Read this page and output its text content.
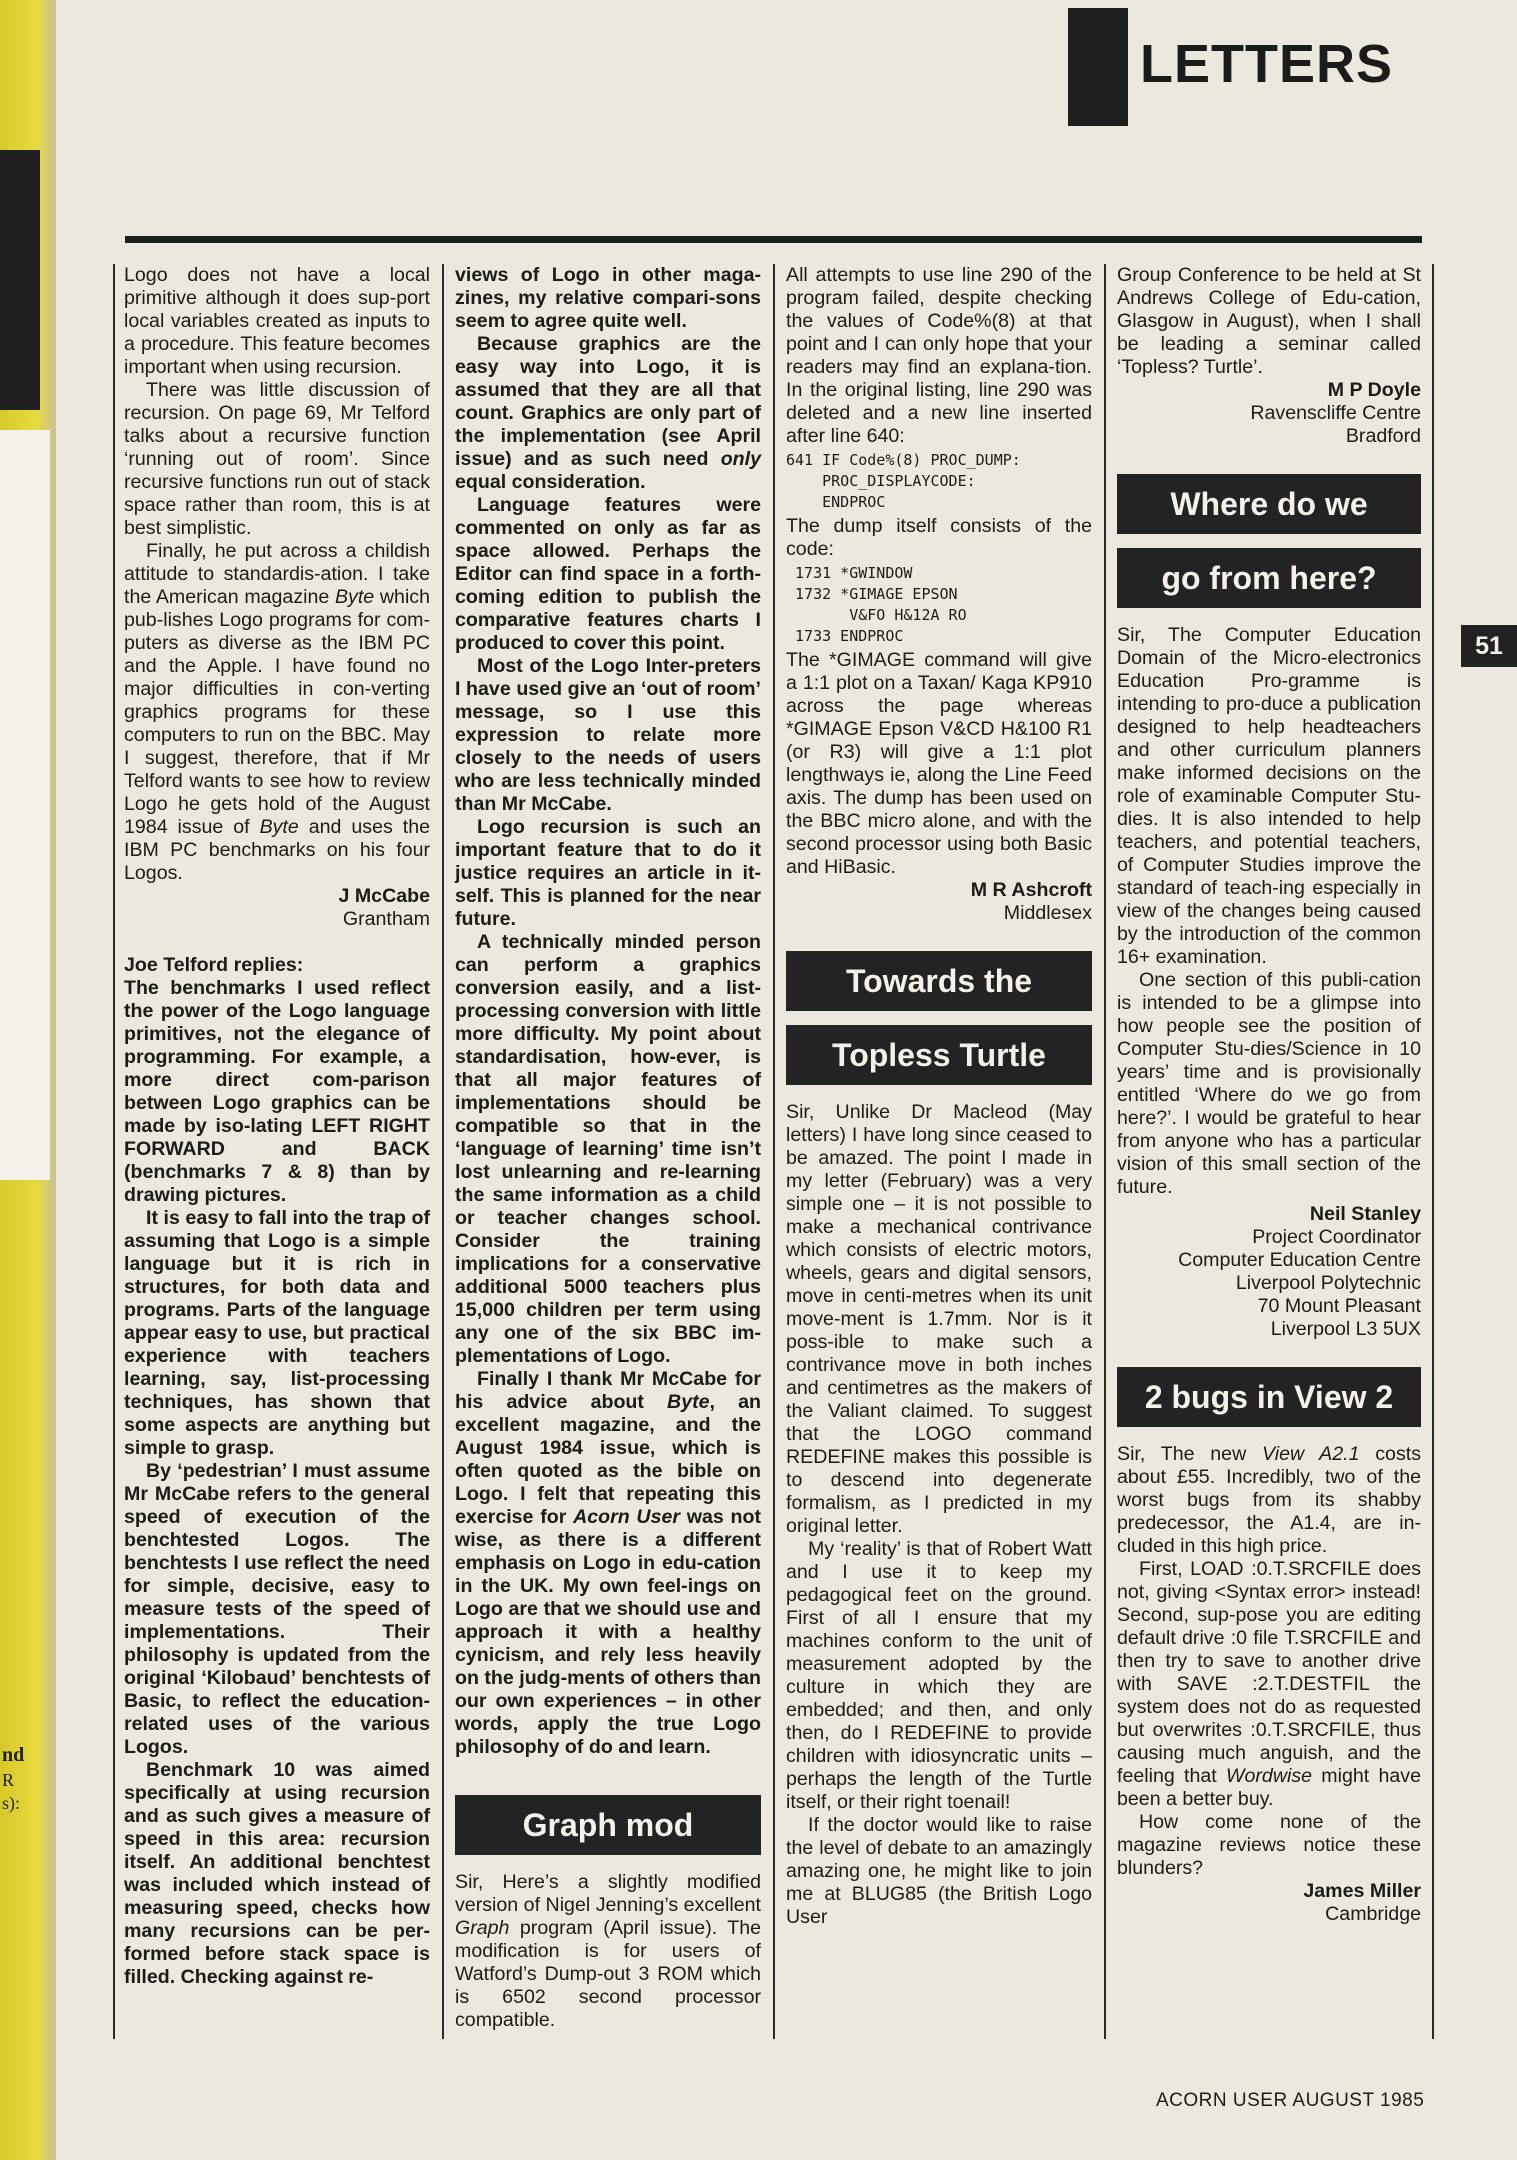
nd
R
s):
LETTERS

Logo does not have a local primitive although it does sup-port local variables created as inputs to a procedure. This feature becomes important when using recursion.

There was little discussion of recursion. On page 69, Mr Telford talks about a recursive function ‘running out of room’. Since recursive functions run out of stack space rather than room, this is at best simplistic.

Finally, he put across a childish attitude to standardis-ation. I take the American magazine Byte which pub-lishes Logo programs for com-puters as diverse as the IBM PC and the Apple. I have found no major difficulties in con-verting graphics programs for these computers to run on the BBC. May I suggest, therefore, that if Mr Telford wants to see how to review Logo he gets hold of the August 1984 issue of Byte and uses the IBM PC benchmarks on his four Logos.

J McCabe

Grantham

Joe Telford replies:

The benchmarks I used reflect the power of the Logo language primitives, not the elegance of programming. For example, a more direct com-parison between Logo graphics can be made by iso-lating LEFT RIGHT FORWARD and BACK (benchmarks 7 & 8) than by drawing pictures.

It is easy to fall into the trap of assuming that Logo is a simple language but it is rich in structures, for both data and programs. Parts of the language appear easy to use, but practical experience with teachers learning, say, list-processing techniques, has shown that some aspects are anything but simple to grasp.

By ‘pedestrian’ I must assume Mr McCabe refers to the general speed of execution of the benchtested Logos. The benchtests I use reflect the need for simple, decisive, easy to measure tests of the speed of implementations. Their philosophy is updated from the original ‘Kilobaud’ benchtests of Basic, to reflect the education-related uses of the various Logos.

Benchmark 10 was aimed specifically at using recursion and as such gives a measure of speed in this area: recursion itself. An additional benchtest was included which instead of measuring speed, checks how many recursions can be per-formed before stack space is filled. Checking against re-

views of Logo in other maga-zines, my relative compari-sons seem to agree quite well.

Because graphics are the easy way into Logo, it is assumed that they are all that count. Graphics are only part of the implementation (see April issue) and as such need only equal consideration.

Language features were commented on only as far as space allowed. Perhaps the Editor can find space in a forth-coming edition to publish the comparative features charts I produced to cover this point.

Most of the Logo Inter-preters I have used give an ‘out of room’ message, so I use this expression to relate more closely to the needs of users who are less technically minded than Mr McCabe.

Logo recursion is such an important feature that to do it justice requires an article in it-self. This is planned for the near future.

A technically minded person can perform a graphics conversion easily, and a list-processing conversion with little more difficulty. My point about standardisation, how-ever, is that all major features of implementations should be compatible so that in the ‘language of learning’ time isn’t lost unlearning and re-learning the same information as a child or teacher changes school. Consider the training implications for a conservative additional 5000 teachers plus 15,000 children per term using any one of the six BBC im-plementations of Logo.

Finally I thank Mr McCabe for his advice about Byte, an excellent magazine, and the August 1984 issue, which is often quoted as the bible on Logo. I felt that repeating this exercise for Acorn User was not wise, as there is a different emphasis on Logo in edu-cation in the UK. My own feel-ings on Logo are that we should use and approach it with a healthy cynicism, and rely less heavily on the judg-ments of others than our own experiences – in other words, apply the true Logo philosophy of do and learn.

Graph mod

Sir, Here’s a slightly modified version of Nigel Jenning’s excellent Graph program (April issue). The modification is for users of Watford’s Dump-out 3 ROM which is 6502 second processor compatible.

All attempts to use line 290 of the program failed, despite checking the values of Code%(8) at that point and I can only hope that your readers may find an explana-tion. In the original listing, line 290 was deleted and a new line inserted after line 640:

641 IF Code%(8) PROC_DUMP:
PROC_DISPLAYCODE:
ENDPROC

The dump itself consists of the code:

1731 *GWINDOW
1732 *GIMAGE EPSON
V&FO H&12A RO
1733 ENDPROC

The *GIMAGE command will give a 1:1 plot on a Taxan/ Kaga KP910 across the page whereas *GIMAGE Epson V&CD H&100 R1 (or R3) will give a 1:1 plot lengthways ie, along the Line Feed axis. The dump has been used on the BBC micro alone, and with the second processor using both Basic and HiBasic.

M R Ashcroft

Middlesex

Towards the
Topless Turtle

Sir, Unlike Dr Macleod (May letters) I have long since ceased to be amazed. The point I made in my letter (February) was a very simple one – it is not possible to make a mechanical contrivance which consists of electric motors, wheels, gears and digital sensors, move in centi-metres when its unit move-ment is 1.7mm. Nor is it poss-ible to make such a contrivance move in both inches and centimetres as the makers of the Valiant claimed. To suggest that the LOGO command REDEFINE makes this possible is to descend into degenerate formalism, as I predicted in my original letter.

My ‘reality’ is that of Robert Watt and I use it to keep my pedagogical feet on the ground. First of all I ensure that my machines conform to the unit of measurement adopted by the culture in which they are embedded; and then, and only then, do I REDEFINE to provide children with idiosyncratic units – perhaps the length of the Turtle itself, or their right toenail!

If the doctor would like to raise the level of debate to an amazingly amazing one, he might like to join me at BLUG85 (the British Logo User

Group Conference to be held at St Andrews College of Edu-cation, Glasgow in August), when I shall be leading a seminar called ‘Topless? Turtle’.

M P Doyle

Ravenscliffe Centre

Bradford

Where do we
go from here?

Sir, The Computer Education Domain of the Micro-electronics Education Pro-gramme is intending to pro-duce a publication designed to help headteachers and other curriculum planners make informed decisions on the role of examinable Computer Stu-dies. It is also intended to help teachers, and potential teachers, of Computer Studies improve the standard of teach-ing especially in view of the changes being caused by the introduction of the common 16+ examination.

One section of this publi-cation is intended to be a glimpse into how people see the position of Computer Stu-dies/Science in 10 years’ time and is provisionally entitled ‘Where do we go from here?’. I would be grateful to hear from anyone who has a particular vision of this small section of the future.

Neil Stanley

Project Coordinator

Computer Education Centre

Liverpool Polytechnic

70 Mount Pleasant

Liverpool L3 5UX

2 bugs in View 2

Sir, The new View A2.1 costs about £55. Incredibly, two of the worst bugs from its shabby predecessor, the A1.4, are in-cluded in this high price.

First, LOAD :0.T.SRCFILE does not, giving <Syntax error> instead! Second, sup-pose you are editing default drive :0 file T.SRCFILE and then try to save to another drive with SAVE :2.T.DESTFIL the system does not do as requested but overwrites :0.T.SRCFILE, thus causing much anguish, and the feeling that Wordwise might have been a better buy.

How come none of the magazine reviews notice these blunders?

James Miller

Cambridge

51
ACORN USER AUGUST 1985
